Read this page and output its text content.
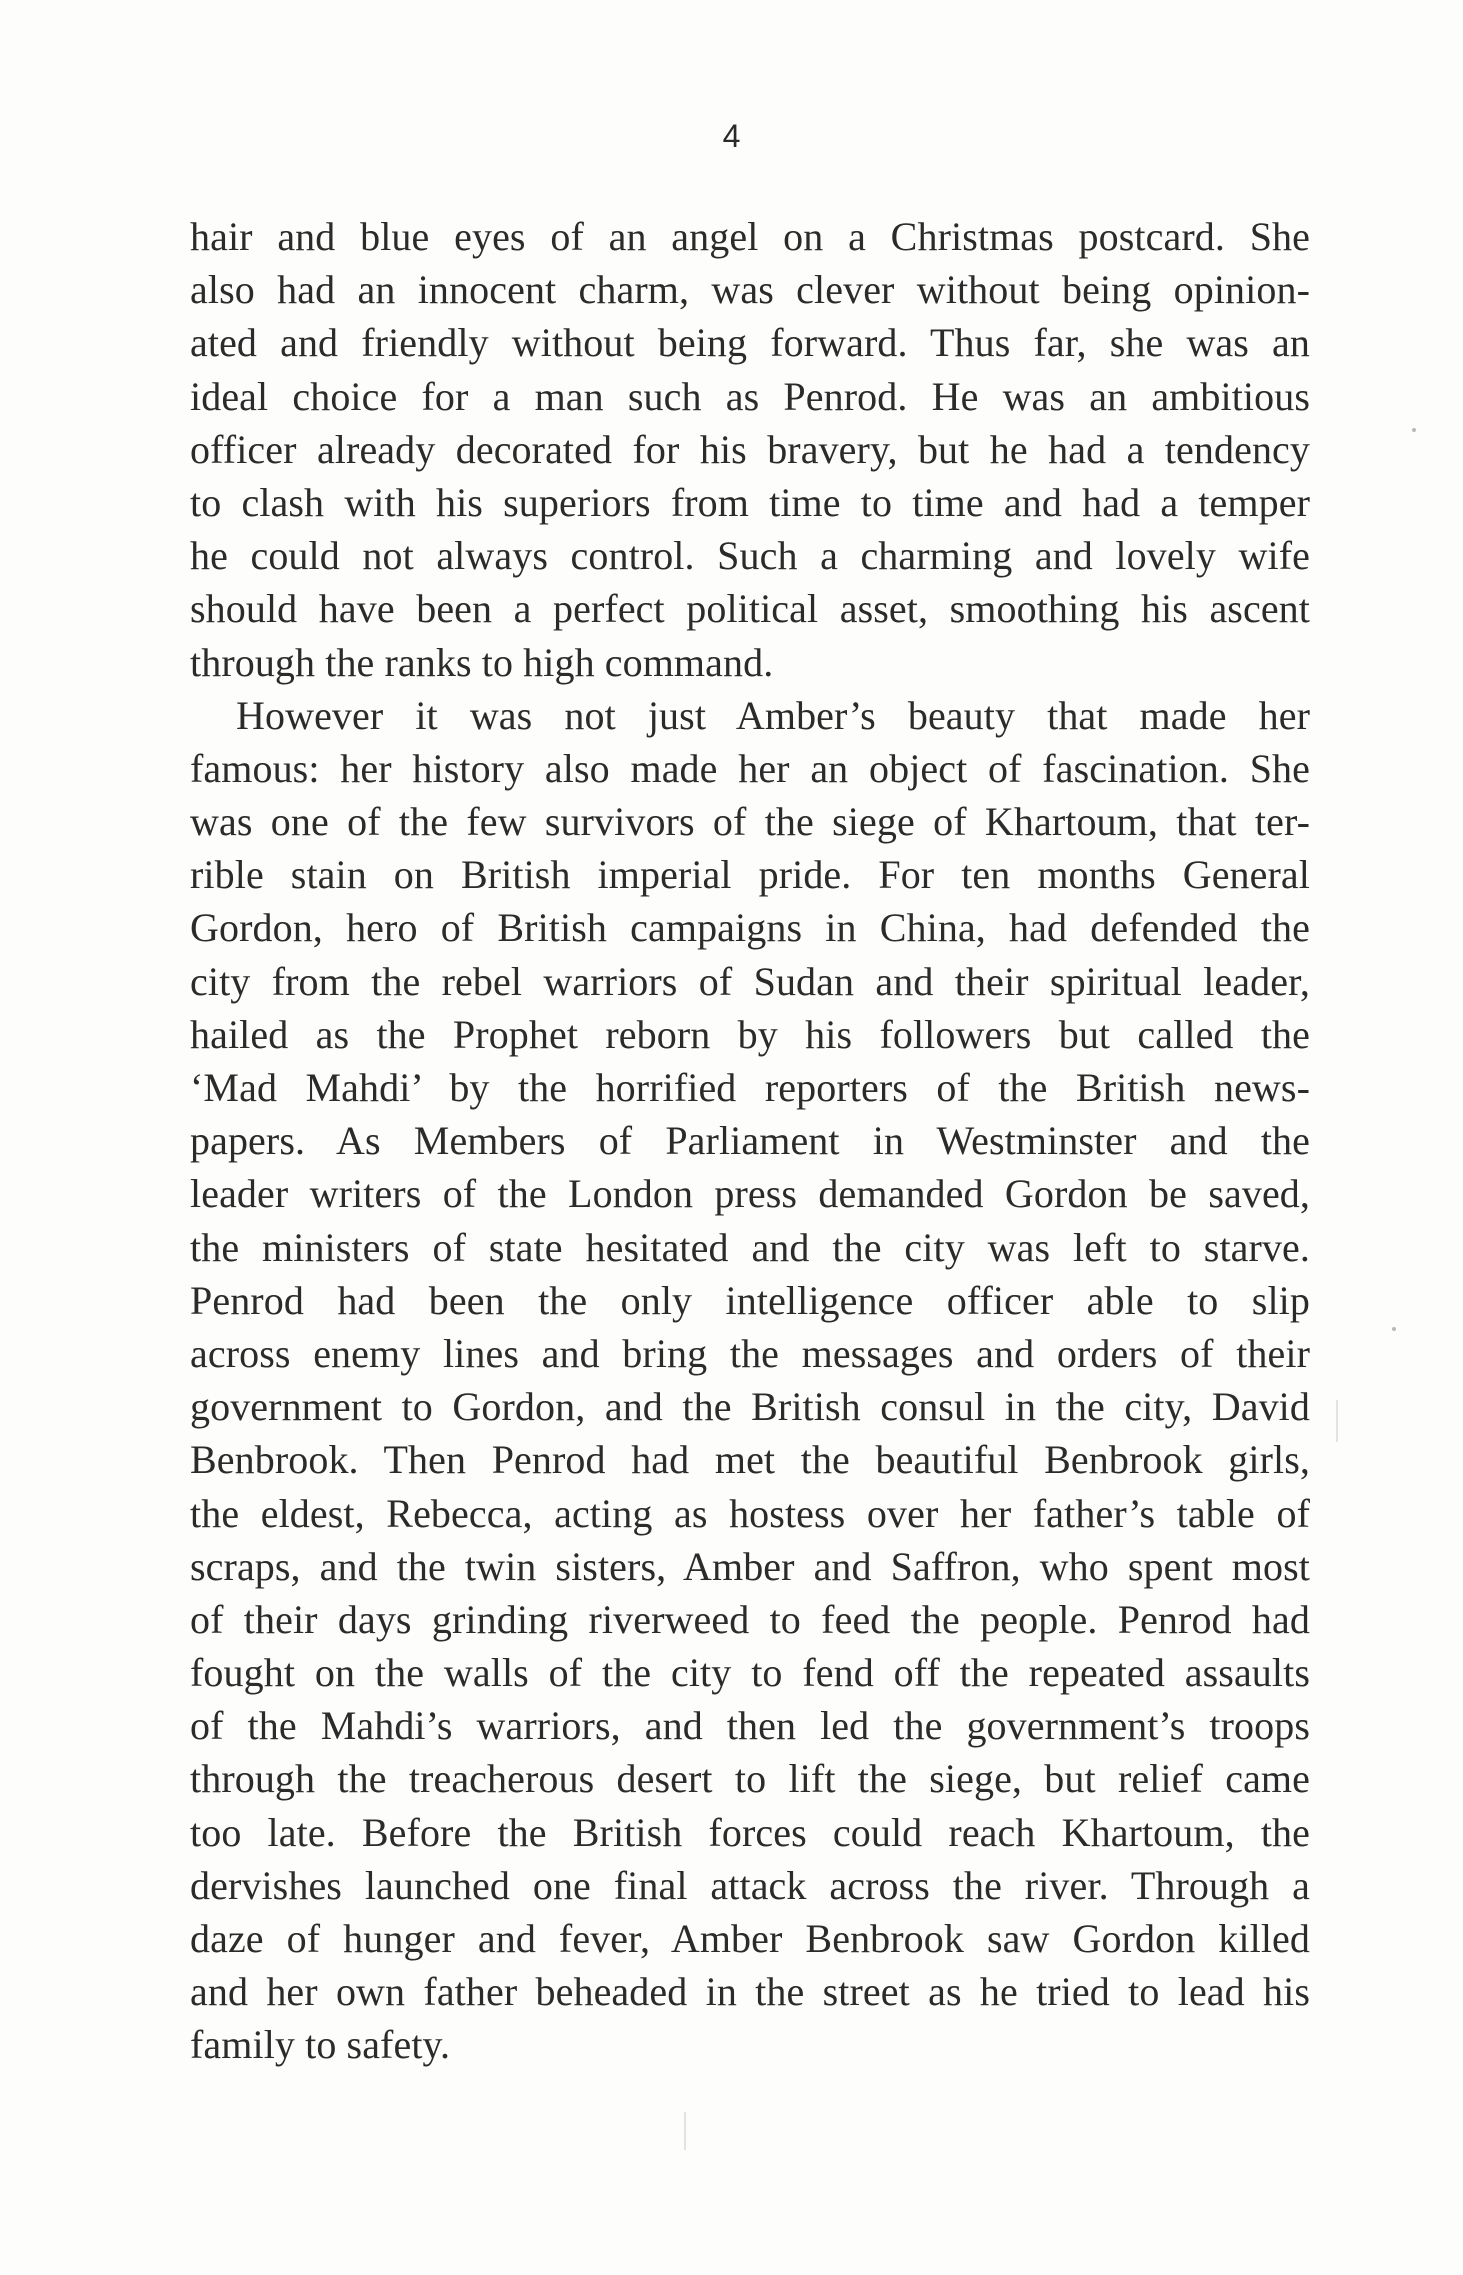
4
hair and blue eyes of an angel on a Christmas postcard. She
also had an innocent charm, was clever without being opinion-
ated and friendly without being forward. Thus far, she was an
ideal choice for a man such as Penrod. He was an ambitious
officer already decorated for his bravery, but he had a tendency
to clash with his superiors from time to time and had a temper
he could not always control. Such a charming and lovely wife
should have been a perfect political asset, smoothing his ascent
through the ranks to high command.
However it was not just Amber’s beauty that made her
famous: her history also made her an object of fascination. She
was one of the few survivors of the siege of Khartoum, that ter-
rible stain on British imperial pride. For ten months General
Gordon, hero of British campaigns in China, had defended the
city from the rebel warriors of Sudan and their spiritual leader,
hailed as the Prophet reborn by his followers but called the
‘Mad Mahdi’ by the horrified reporters of the British news-
papers. As Members of Parliament in Westminster and the
leader writers of the London press demanded Gordon be saved,
the ministers of state hesitated and the city was left to starve.
Penrod had been the only intelligence officer able to slip
across enemy lines and bring the messages and orders of their
government to Gordon, and the British consul in the city, David
Benbrook. Then Penrod had met the beautiful Benbrook girls,
the eldest, Rebecca, acting as hostess over her father’s table of
scraps, and the twin sisters, Amber and Saffron, who spent most
of their days grinding riverweed to feed the people. Penrod had
fought on the walls of the city to fend off the repeated assaults
of the Mahdi’s warriors, and then led the government’s troops
through the treacherous desert to lift the siege, but relief came
too late. Before the British forces could reach Khartoum, the
dervishes launched one final attack across the river. Through a
daze of hunger and fever, Amber Benbrook saw Gordon killed
and her own father beheaded in the street as he tried to lead his
family to safety.
